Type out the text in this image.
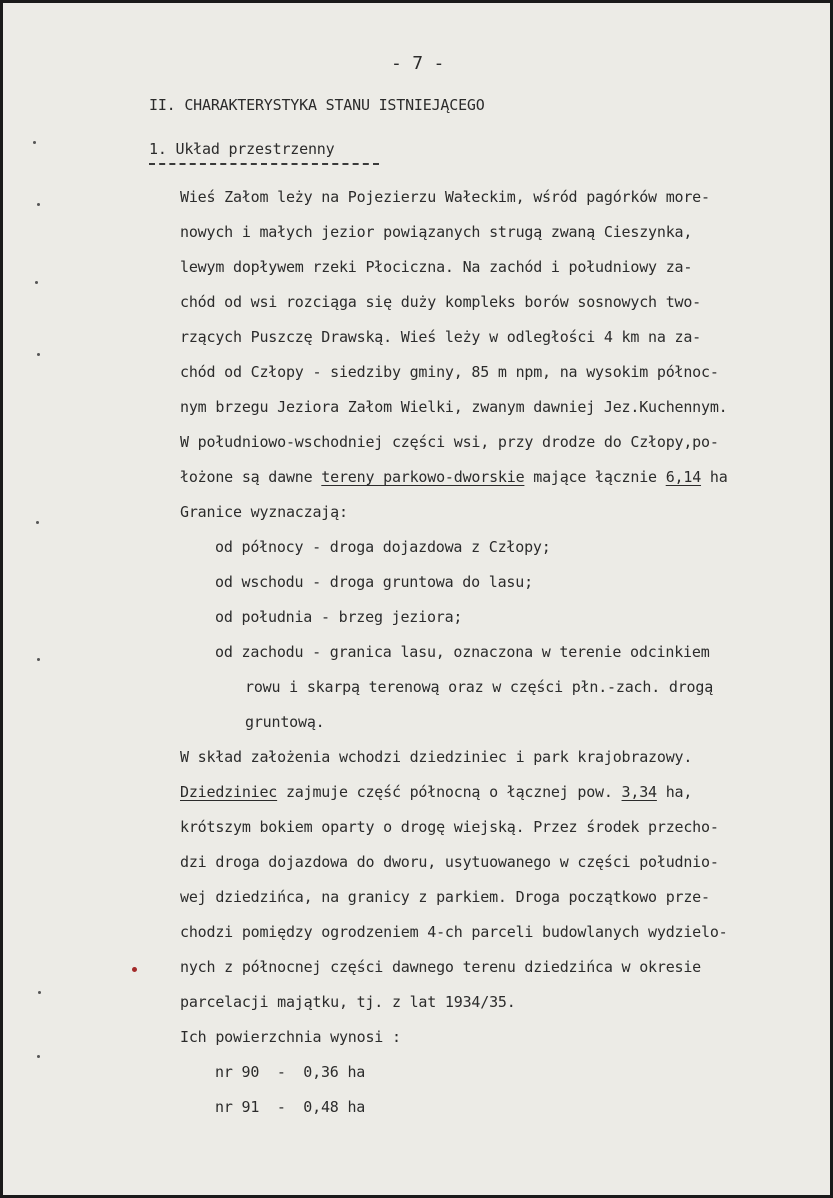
- 7 -
II. CHARAKTERYSTYKA STANU ISTNIEJĄCEGO
1. Układ przestrzenny
Wieś Załom leży na Pojezierzu Wałeckim, wśród pagórków more-
nowych i małych jezior powiązanych strugą zwaną Cieszynka,
lewym dopływem rzeki Płociczna. Na zachód i południowy za-
chód od wsi rozciąga się duży kompleks borów sosnowych two-
rzących Puszczę Drawską. Wieś leży w odległości 4 km na za-
chód od Człopy - siedziby gminy, 85 m npm, na wysokim północ-
nym brzegu Jeziora Załom Wielki, zwanym dawniej Jez.Kuchennym.
W południowo-wschodniej części wsi, przy drodze do Człopy,po-
łożone są dawne tereny parkowo-dworskie mające łącznie 6,14 ha
Granice wyznaczają:
od północy - droga dojazdowa z Człopy;
od wschodu - droga gruntowa do lasu;
od południa - brzeg jeziora;
od zachodu - granica lasu, oznaczona w terenie odcinkiem
rowu i skarpą terenową oraz w części płn.-zach. drogą
gruntową.
W skład założenia wchodzi dziedziniec i park krajobrazowy.
Dziedziniec zajmuje część północną o łącznej pow. 3,34 ha,
krótszym bokiem oparty o drogę wiejską. Przez środek przecho-
dzi droga dojazdowa do dworu, usytuowanego w części południo-
wej dziedzińca, na granicy z parkiem. Droga początkowo prze-
chodzi pomiędzy ogrodzeniem 4-ch parceli budowlanych wydzielo-
nych z północnej części dawnego terenu dziedzińca w okresie
parcelacji majątku, tj. z lat 1934/35.
Ich powierzchnia wynosi :
nr 90  -  0,36 ha
nr 91  -  0,48 ha
